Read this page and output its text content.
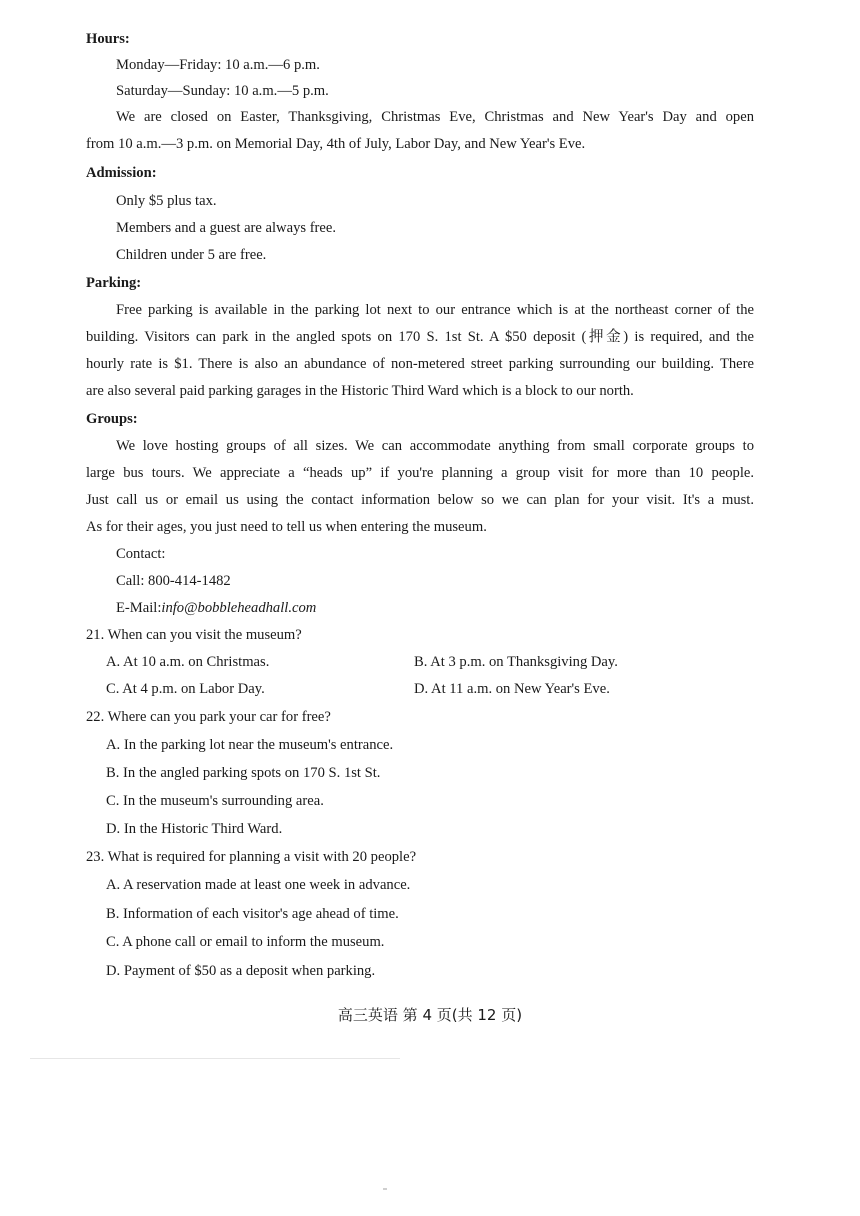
Hours:
Monday—Friday: 10 a.m.—6 p.m.
Saturday—Sunday: 10 a.m.—5 p.m.
We are closed on Easter, Thanksgiving, Christmas Eve, Christmas and New Year's Day and open
from 10 a.m.—3 p.m. on Memorial Day, 4th of July, Labor Day, and New Year's Eve.
Admission:
Only $5 plus tax.
Members and a guest are always free.
Children under 5 are free.
Parking:
Free parking is available in the parking lot next to our entrance which is at the northeast corner of the
building. Visitors can park in the angled spots on 170 S. 1st St. A $50 deposit (押金) is required, and the
hourly rate is $1. There is also an abundance of non-metered street parking surrounding our building. There
are also several paid parking garages in the Historic Third Ward which is a block to our north.
Groups:
We love hosting groups of all sizes. We can accommodate anything from small corporate groups to
large bus tours. We appreciate a “heads up” if you're planning a group visit for more than 10 people.
Just call us or email us using the contact information below so we can plan for your visit. It's a must.
As for their ages, you just need to tell us when entering the museum.
Contact:
Call: 800-414-1482
E-Mail:info@bobbleheadhall.com
21. When can you visit the museum?
A. At 10 a.m. on Christmas.	B. At 3 p.m. on Thanksgiving Day.
C. At 4 p.m. on Labor Day.	D. At 11 a.m. on New Year's Eve.
22. Where can you park your car for free?
A. In the parking lot near the museum's entrance.
B. In the angled parking spots on 170 S. 1st St.
C. In the museum's surrounding area.
D. In the Historic Third Ward.
23. What is required for planning a visit with 20 people?
A. A reservation made at least one week in advance.
B. Information of each visitor's age ahead of time.
C. A phone call or email to inform the museum.
D. Payment of $50 as a deposit when parking.
高三英语 第 4 页(共 12 页)
